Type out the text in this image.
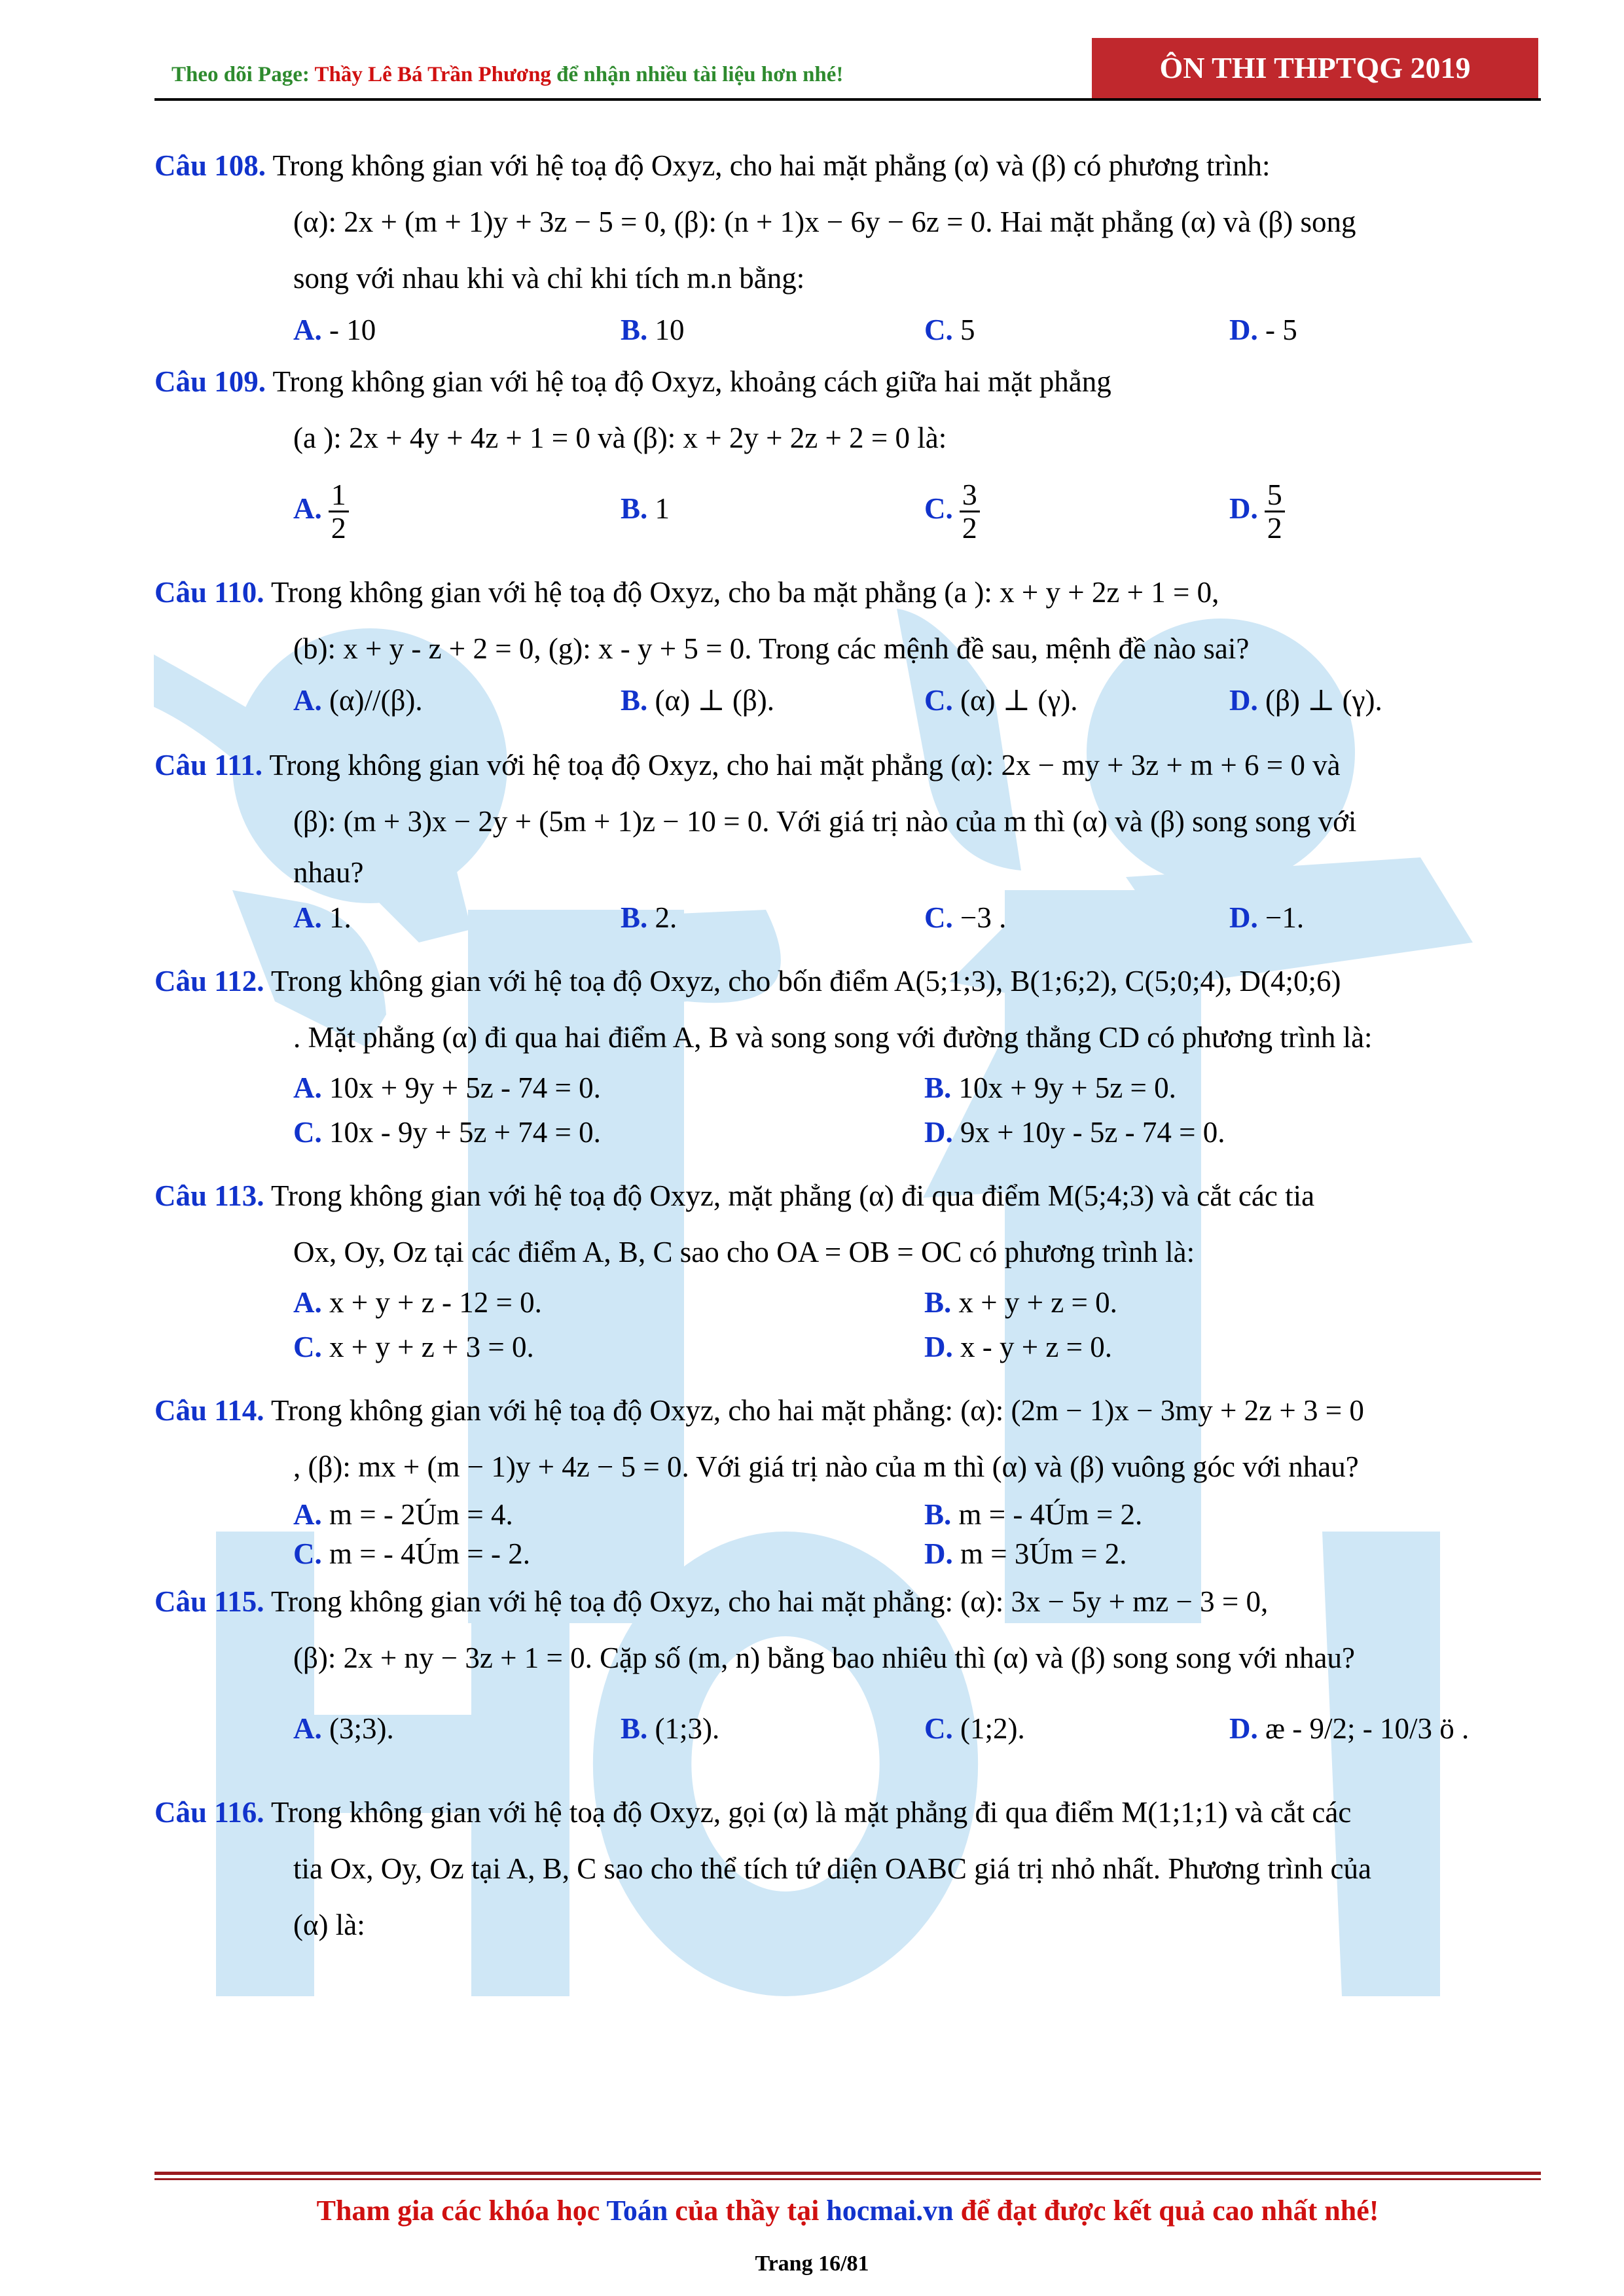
Theo dõi Page: Thầy Lê Bá Trần Phương để nhận nhiều tài liệu hơn nhé!	ÔN THI THPTQG 2019
Câu 108. Trong không gian với hệ toạ độ Oxyz, cho hai mặt phẳng (α) và (β) có phương trình:
(α): 2x + (m + 1)y + 3z − 5 = 0, (β): (n + 1)x − 6y − 6z = 0. Hai mặt phẳng (α) và (β) song
song với nhau khi và chỉ khi tích m.n bằng:
A. - 10	B. 10	C. 5	D. - 5
Câu 109. Trong không gian với hệ toạ độ Oxyz, khoảng cách giữa hai mặt phẳng
(a ): 2x + 4y + 4z + 1 = 0 và (β): x + 2y + 2z + 2 = 0 là:
A. $\frac{1}{2}$	B. 1	C. $\frac{3}{2}$	D. $\frac{5}{2}$
Câu 110. Trong không gian với hệ toạ độ Oxyz, cho ba mặt phẳng (a ): x + y + 2z + 1 = 0,
(b): x + y - z + 2 = 0, (g): x - y + 5 = 0. Trong các mệnh đề sau, mệnh đề nào sai?
A. (α)//(β).	B. (α) ⊥ (β).	C. (α) ⊥ (γ).	D. (β) ⊥ (γ).
Câu 111. Trong không gian với hệ toạ độ Oxyz, cho hai mặt phẳng (α): 2x − my + 3z + m + 6 = 0 và
(β): (m + 3)x − 2y + (5m + 1)z − 10 = 0. Với giá trị nào của m thì (α) và (β) song song với
nhau?
A. 1.	B. 2.	C. −3 .	D. −1.
Câu 112. Trong không gian với hệ toạ độ Oxyz, cho bốn điểm A(5;1;3), B(1;6;2), C(5;0;4), D(4;0;6)
. Mặt phẳng (α) đi qua hai điểm A, B và song song với đường thẳng CD có phương trình là:
A. 10x + 9y + 5z - 74 = 0.	B. 10x + 9y + 5z = 0.
C. 10x - 9y + 5z + 74 = 0.	D. 9x + 10y - 5z - 74 = 0.
Câu 113. Trong không gian với hệ toạ độ Oxyz, mặt phẳng (α) đi qua điểm M(5;4;3) và cắt các tia
Ox, Oy, Oz tại các điểm A, B, C sao cho OA = OB = OC có phương trình là:
A. x + y + z - 12 = 0.	B. x + y + z = 0.
C. x + y + z + 3 = 0.	D. x - y + z = 0.
Câu 114. Trong không gian với hệ toạ độ Oxyz, cho hai mặt phẳng: (α): (2m − 1)x − 3my + 2z + 3 = 0
, (β): mx + (m − 1)y + 4z − 5 = 0. Với giá trị nào của m thì (α) và (β) vuông góc với nhau?
A. m = - 2Úm = 4.	B. m = - 4Úm = 2.
C. m = - 4Úm = - 2.	D. m = 3Úm = 2.
Câu 115. Trong không gian với hệ toạ độ Oxyz, cho hai mặt phẳng: (α): 3x − 5y + mz − 3 = 0,
(β): 2x + ny − 3z + 1 = 0. Cặp số (m, n) bằng bao nhiêu thì (α) và (β) song song với nhau?
A. (3;3).	B. (1;3).	C. (1;2).	D. æ - 9/2; - 10/3 ö .
Câu 116. Trong không gian với hệ toạ độ Oxyz, gọi (α) là mặt phẳng đi qua điểm M(1;1;1) và cắt các
tia Ox, Oy, Oz tại A, B, C sao cho thể tích tứ diện OABC giá trị nhỏ nhất. Phương trình của
(α) là:
Tham gia các khóa học Toán của thầy tại hocmai.vn để đạt được kết quả cao nhất nhé!
Trang 16/81
